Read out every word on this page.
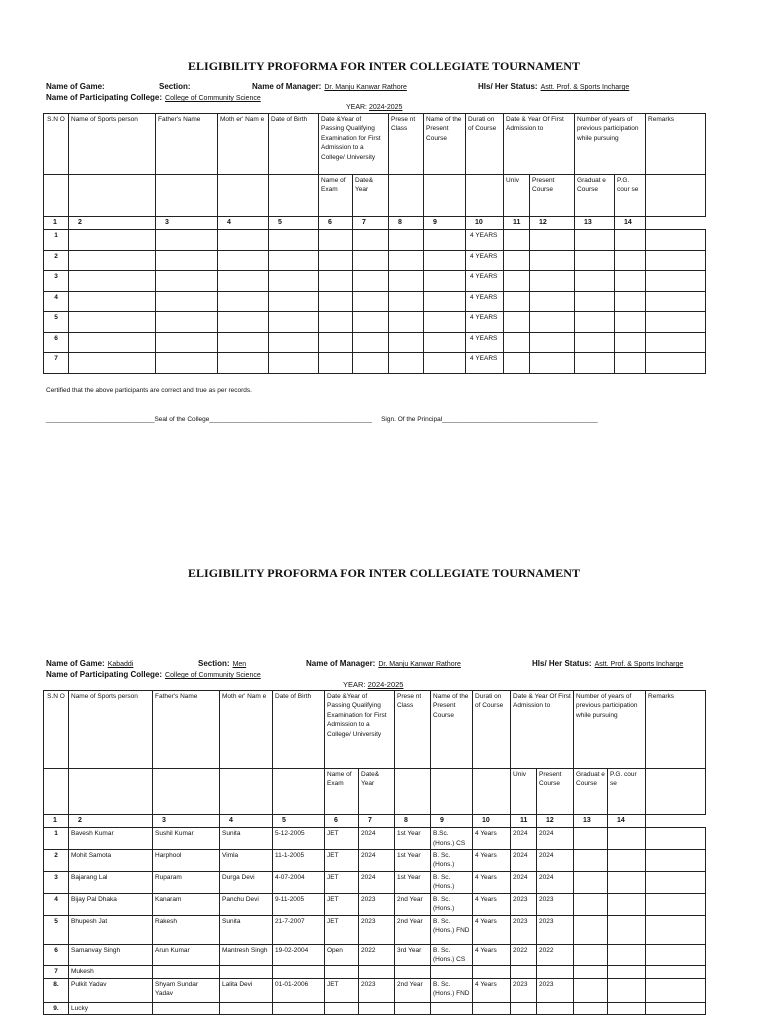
ELIGIBILITY PROFORMA FOR INTER COLLEGIATE TOURNAMENT
Name of Game:	Section:	Name of Manager: Dr. Manju Kanwar Rathore	HIs/ Her Status: Astt. Prof. & Sports Incharge
Name of Participating College: College of Community Science
YEAR: 2024-2025
S.N O	Name of Sports person	Father's Name	Moth er' Nam e	Date of Birth	Date &Year of Passing Qualifying Examination for First Admission to a College/ University		Prese nt Class	Name of the Present Course	Durati on of Course	Date & Year Of First Admission to		Number of years of previous participation while pursuing		Remarks
					Name of Exam	Date& Year				Univ	Present Course	Graduat e Course	P.G. cour se	
1	2	3	4	5	6	7	8	9	10	11	12	13	14	
1									4 YEARS					
2									4 YEARS					
3									4 YEARS					
4									4 YEARS					
5									4 YEARS					
6									4 YEARS					
7									4 YEARS					
Certified that the above participants are correct and true as per records.
______________________________Seal of the College_____________________________________________ Sign. Of the Principal___________________________________________
ELIGIBILITY PROFORMA FOR INTER COLLEGIATE TOURNAMENT
Name of Game: Kabaddi	Section: Men	Name of Manager: Dr. Manju Kanwar Rathore	HIs/ Her Status: Astt. Prof. & Sports Incharge
Name of Participating College: College of Community Science
YEAR: 2024-2025
S.N O	Name of Sports person	Father's Name	Moth er' Nam e	Date of Birth	Date &Year of Passing Qualifying Examination for First Admission to a College/ University		Prese nt Class	Name of the Present Course	Durati on of Course	Date & Year Of First Admission to		Number of years of previous participation while pursuing		Remarks
					Name of Exam	Date& Year				Univ	Present Course	Graduat e Course	P.G. cour se	
1	2	3	4	5	6	7	8	9	10	11	12	13	14	
1	Bavesh Kumar	Sushil Kumar	Sunita	5-12-2005	JET	2024	1st Year	B.Sc. (Hons.) CS	4 Years	2024	2024			
2	Mohit Samota	Harphool	Vimla	11-1-2005	JET	2024	1st Year	B. Sc. (Hons.)	4 Years	2024	2024			
3	Bajarang Lal	Ruparam	Durga Devi	4-07-2004	JET	2024	1st Year	B. Sc. (Hons.)	4 Years	2024	2024			
4	Bijay Pal Dhaka	Kanaram	Panchu Devi	9-11-2005	JET	2023	2nd Year	B. Sc. (Hons.)	4 Years	2023	2023			
5	Bhupesh Jat	Rakesh	Sunita	21-7-2007	JET	2023	2nd Year	B. Sc. (Hons.) FND	4 Years	2023	2023			
6	Samanvay Singh	Arun Kumar	Mantresh Singh	19-02-2004	Open	2022	3rd Year	B. Sc. (Hons.) CS	4 Years	2022	2022			
7	Mukesh													
8.	Pulkit Yadav	Shyam Sundar Yadav	Lalita Devi	01-01-2006	JET	2023	2nd Year	B. Sc. (Hons.) FND	4 Years	2023	2023			
9.	Lucky													
